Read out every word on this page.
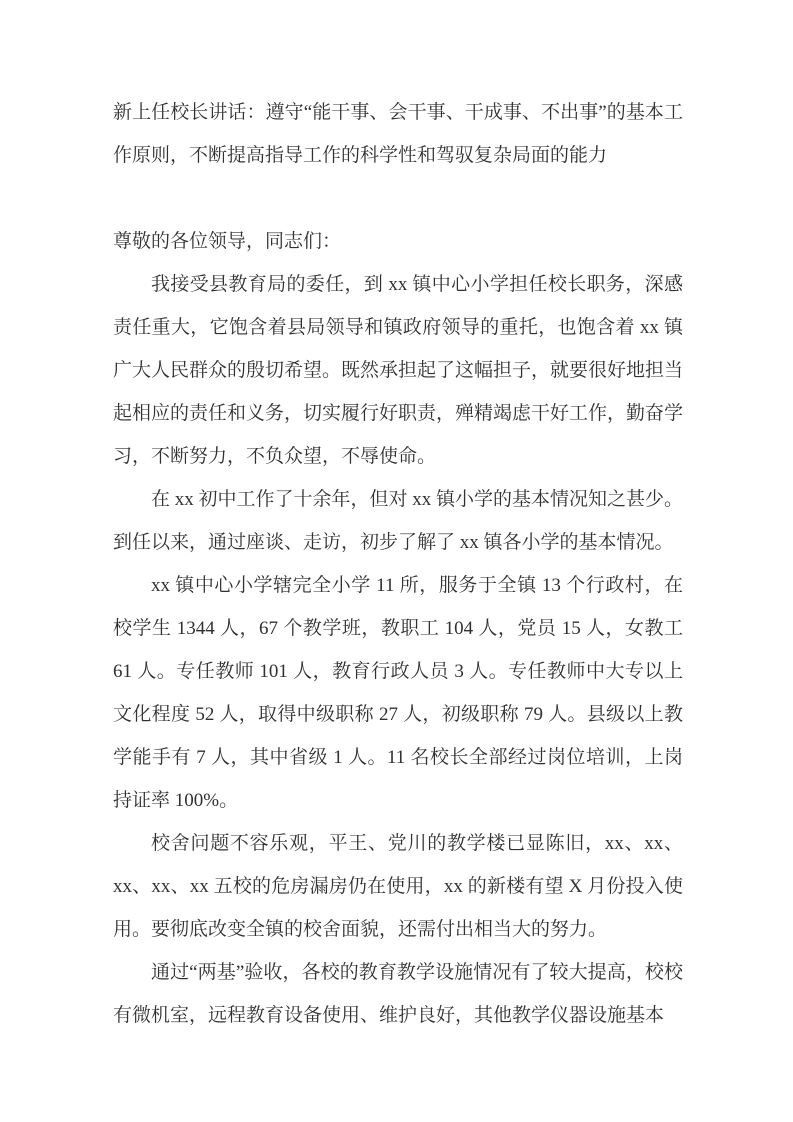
新上任校长讲话：遵守“能干事、会干事、干成事、不出事”的基本工作原则，不断提高指导工作的科学性和驾驭复杂局面的能力

尊敬的各位领导，同志们：

我接受县教育局的委任，到 xx 镇中心小学担任校长职务，深感责任重大，它饱含着县局领导和镇政府领导的重托，也饱含着 xx 镇广大人民群众的殷切希望。既然承担起了这幅担子，就要很好地担当起相应的责任和义务，切实履行好职责，殚精竭虑干好工作，勤奋学习，不断努力，不负众望，不辱使命。

在 xx 初中工作了十余年，但对 xx 镇小学的基本情况知之甚少。到任以来，通过座谈、走访，初步了解了 xx 镇各小学的基本情况。

xx 镇中心小学辖完全小学 11 所，服务于全镇 13 个行政村，在校学生 1344 人，67 个教学班，教职工 104 人，党员 15 人，女教工 61 人。专任教师 101 人，教育行政人员 3 人。专任教师中大专以上文化程度 52 人，取得中级职称 27 人，初级职称 79 人。县级以上教学能手有 7 人，其中省级 1 人。11 名校长全部经过岗位培训，上岗持证率 100%。

校舍问题不容乐观，平王、党川的教学楼已显陈旧，xx、xx、xx、xx、xx 五校的危房漏房仍在使用，xx 的新楼有望 X 月份投入使用。要彻底改变全镇的校舍面貌，还需付出相当大的努力。

通过“两基”验收，各校的教育教学设施情况有了较大提高，校校有微机室，远程教育设备使用、维护良好，其他教学仪器设施基本
